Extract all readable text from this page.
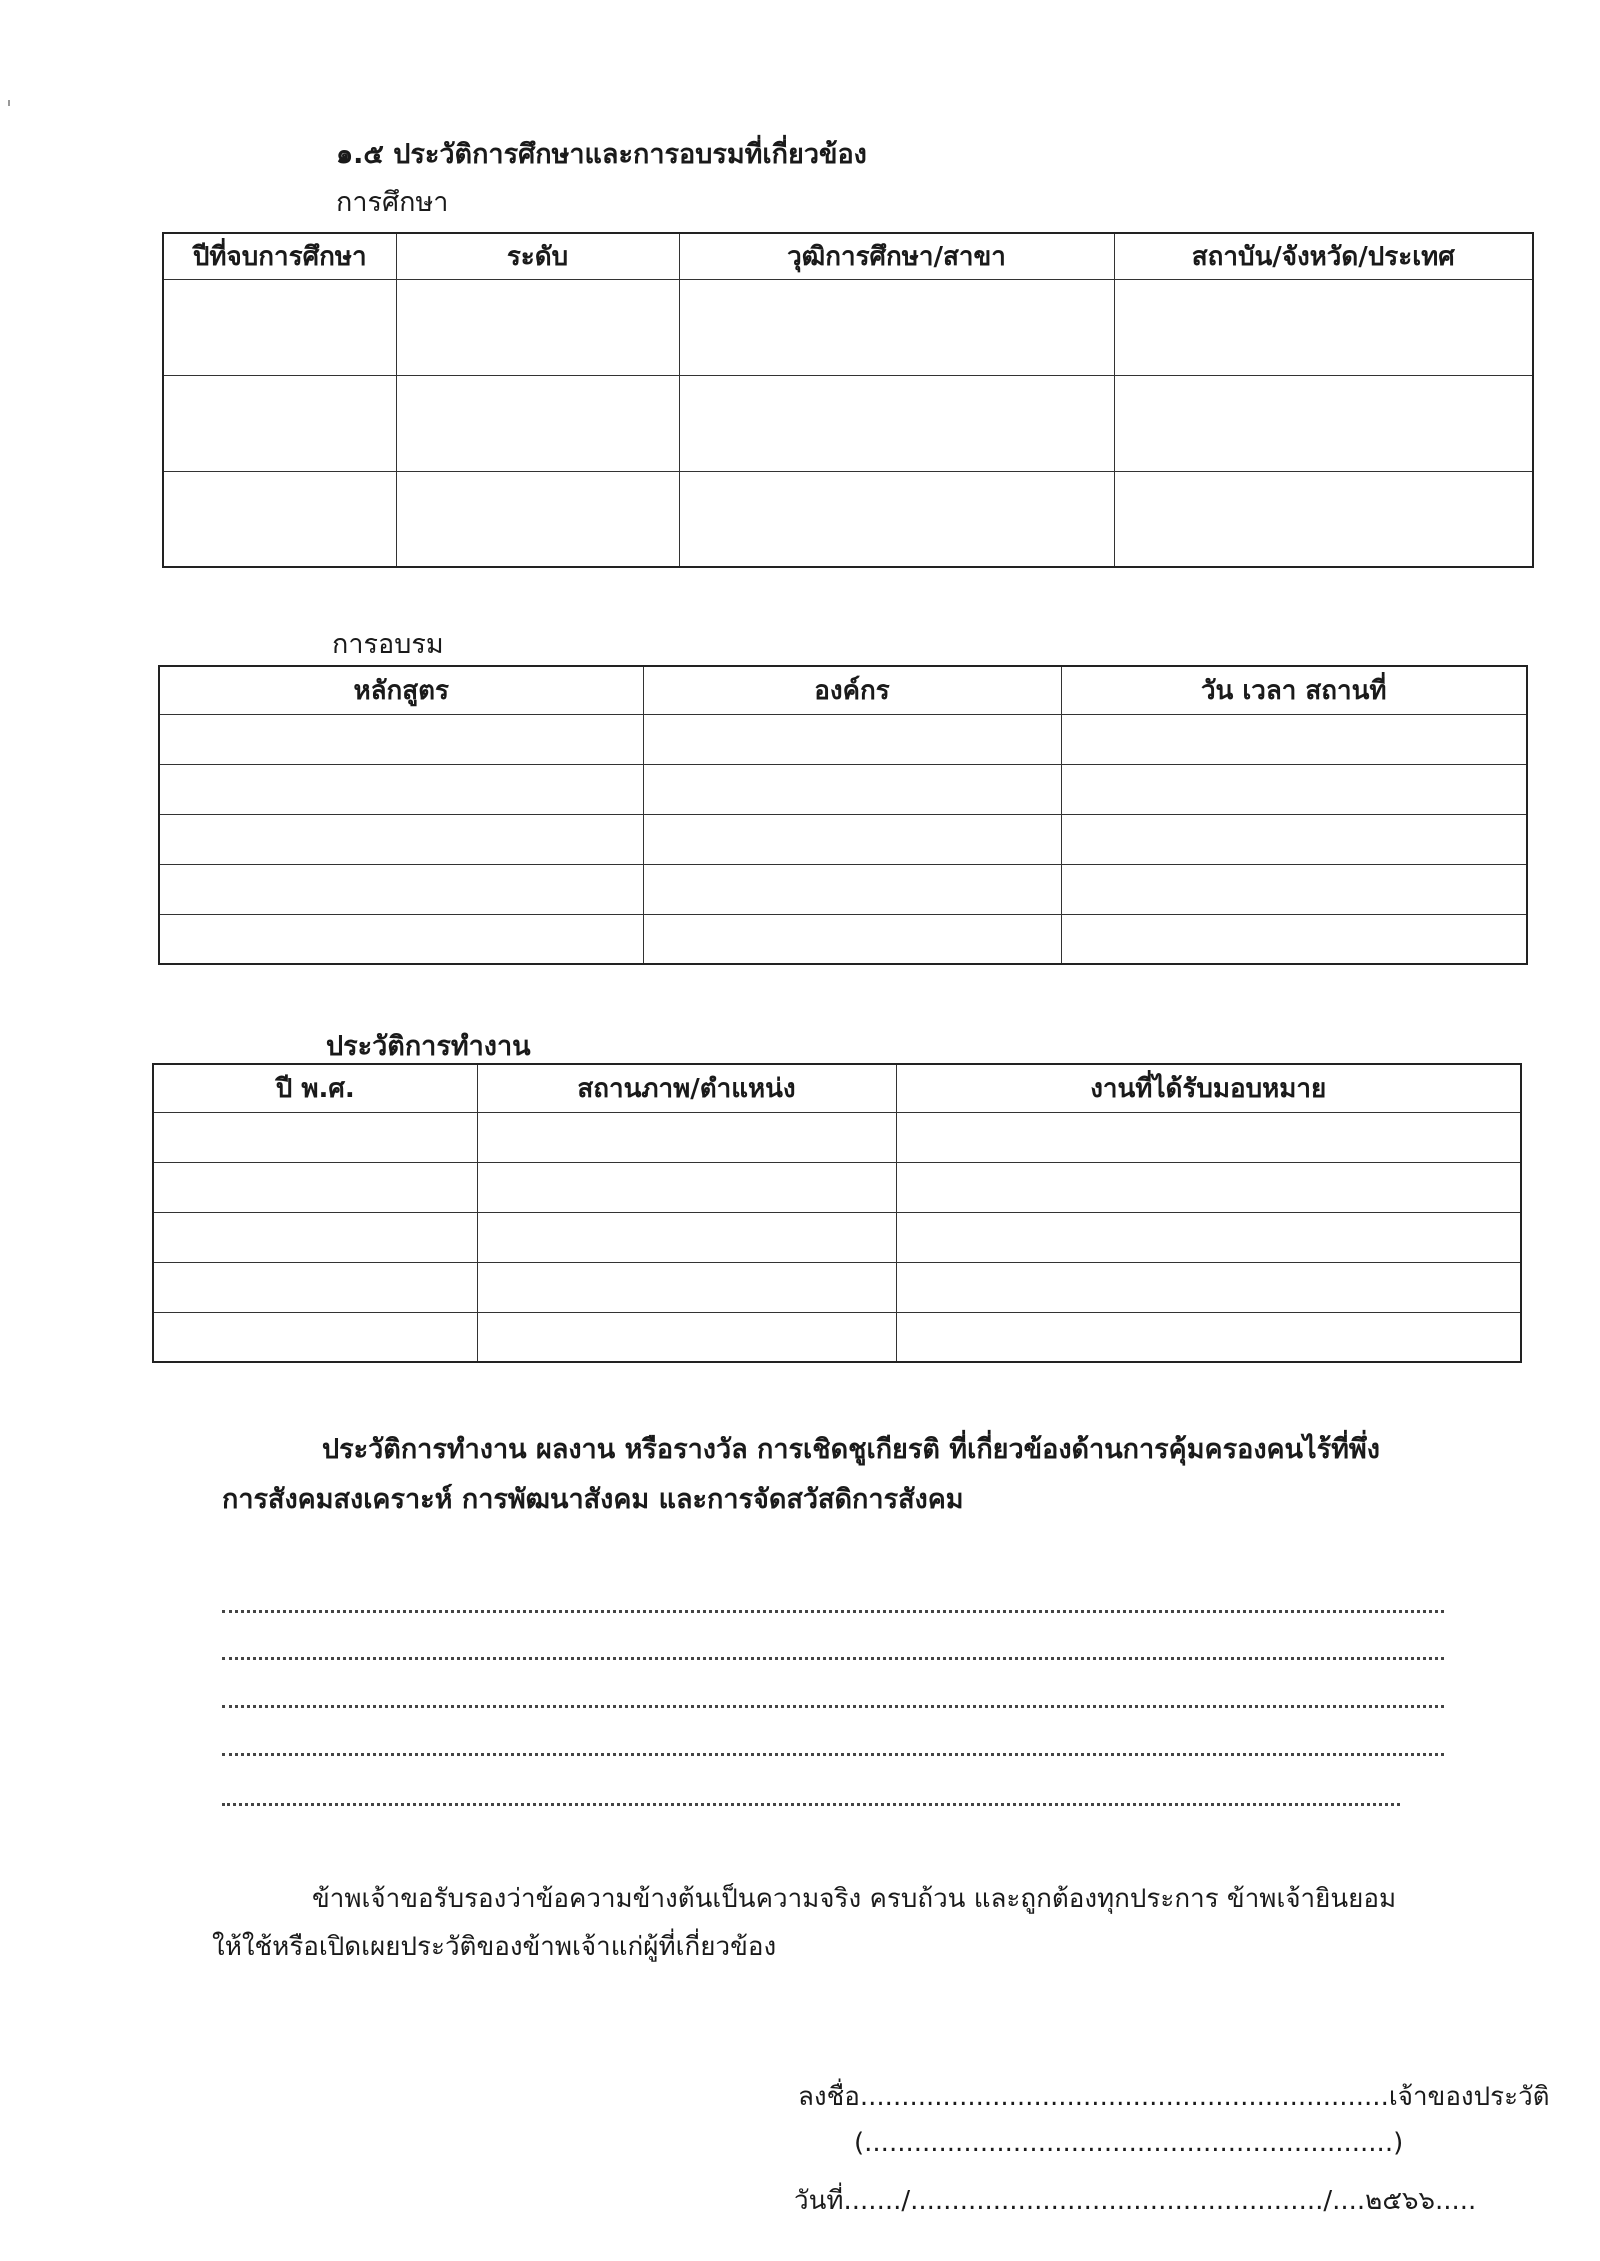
๑.๕ ประวัติการศึกษาและการอบรมที่เกี่ยวข้อง
การศึกษา
ปีที่จบการศึกษา	ระดับ	วุฒิการศึกษา/สาขา	สถาบัน/จังหวัด/ประเทศ

การอบรม
หลักสูตร	องค์กร	วัน เวลา สถานที่

ประวัติการทำงาน
ปี พ.ศ.	สถานภาพ/ตำแหน่ง	งานที่ได้รับมอบหมาย

ประวัติการทำงาน ผลงาน หรือรางวัล การเชิดชูเกียรติ ที่เกี่ยวข้องด้านการคุ้มครองคนไร้ที่พึ่ง
การสังคมสงเคราะห์ การพัฒนาสังคม และการจัดสวัสดิการสังคม
ข้าพเจ้าขอรับรองว่าข้อความข้างต้นเป็นความจริง ครบถ้วน และถูกต้องทุกประการ ข้าพเจ้ายินยอม
ให้ใช้หรือเปิดเผยประวัติของข้าพเจ้าแก่ผู้ที่เกี่ยวข้อง
ลงชื่อ................................................................เจ้าของประวัติ
(................................................................)
วันที่......./................................................../....๒๕๖๖.....
